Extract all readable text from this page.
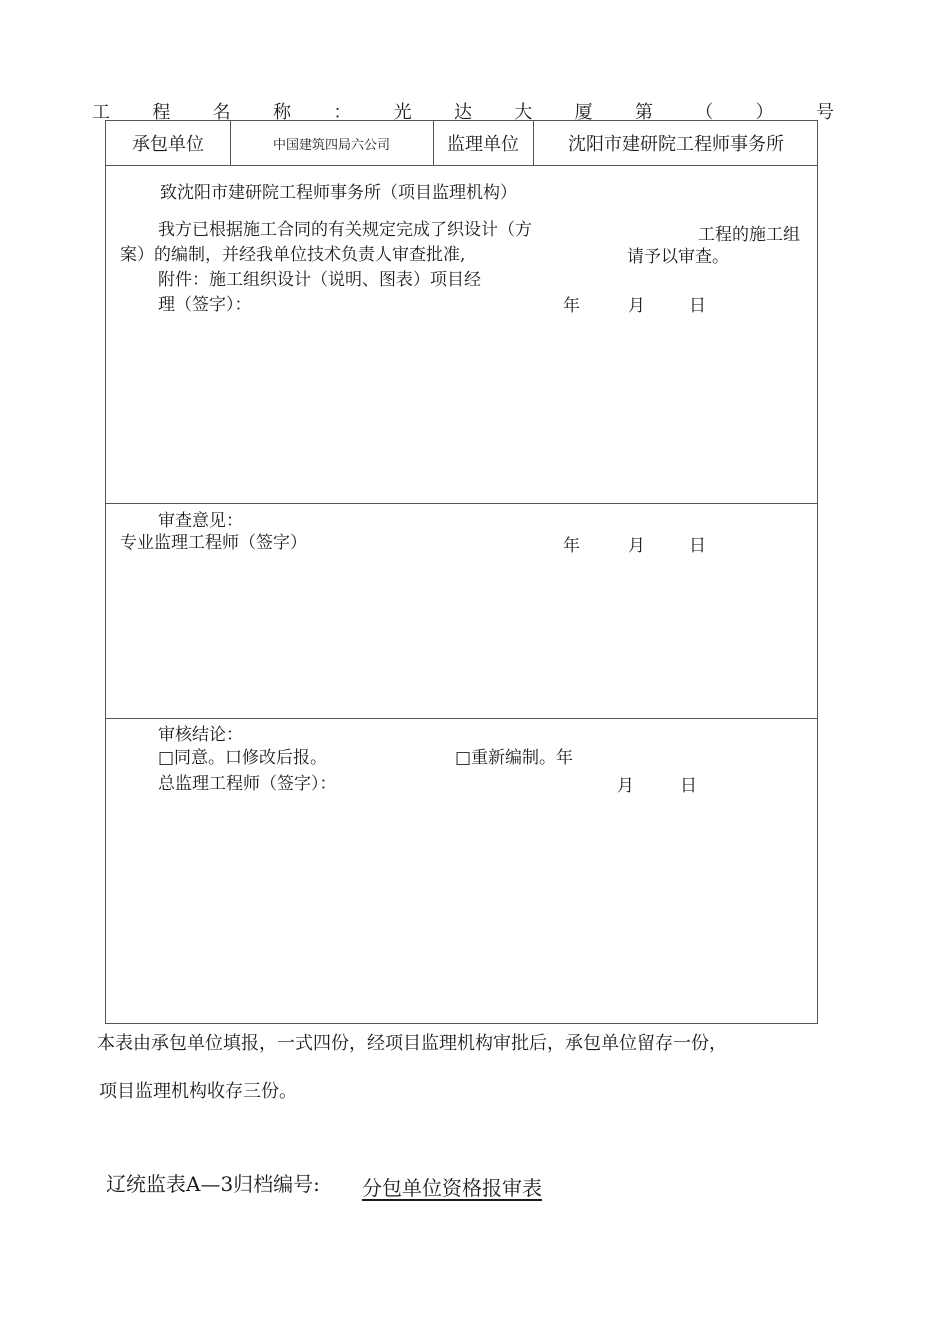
工 程 名 称 ： 光 达 大 厦 第 （ ） 号
承包单位	中国建筑四局六公司	监理单位	沈阳市建研院工程师事务所
致沈阳市建研院工程师事务所（项目监理机构）
我方已根据施工合同的有关规定完成了织设计（方	工程的施工组
案）的编制，并经我单位技术负责人审查批准,	请予以审查。
附件：施工组织设计（说明、图表）项目经
理（签字）：	年	月	日
审查意见：
专业监理工程师（签字）	年	月	日
审核结论：
□同意。口修改后报。	□重新编制。年
总监理工程师（签字）：	月	日
本表由承包单位填报，一式四份，经项目监理机构审批后，承包单位留存一份，
项目监理机构收存三份。
辽统监表A—3归档编号: 分包单位资格报审表
